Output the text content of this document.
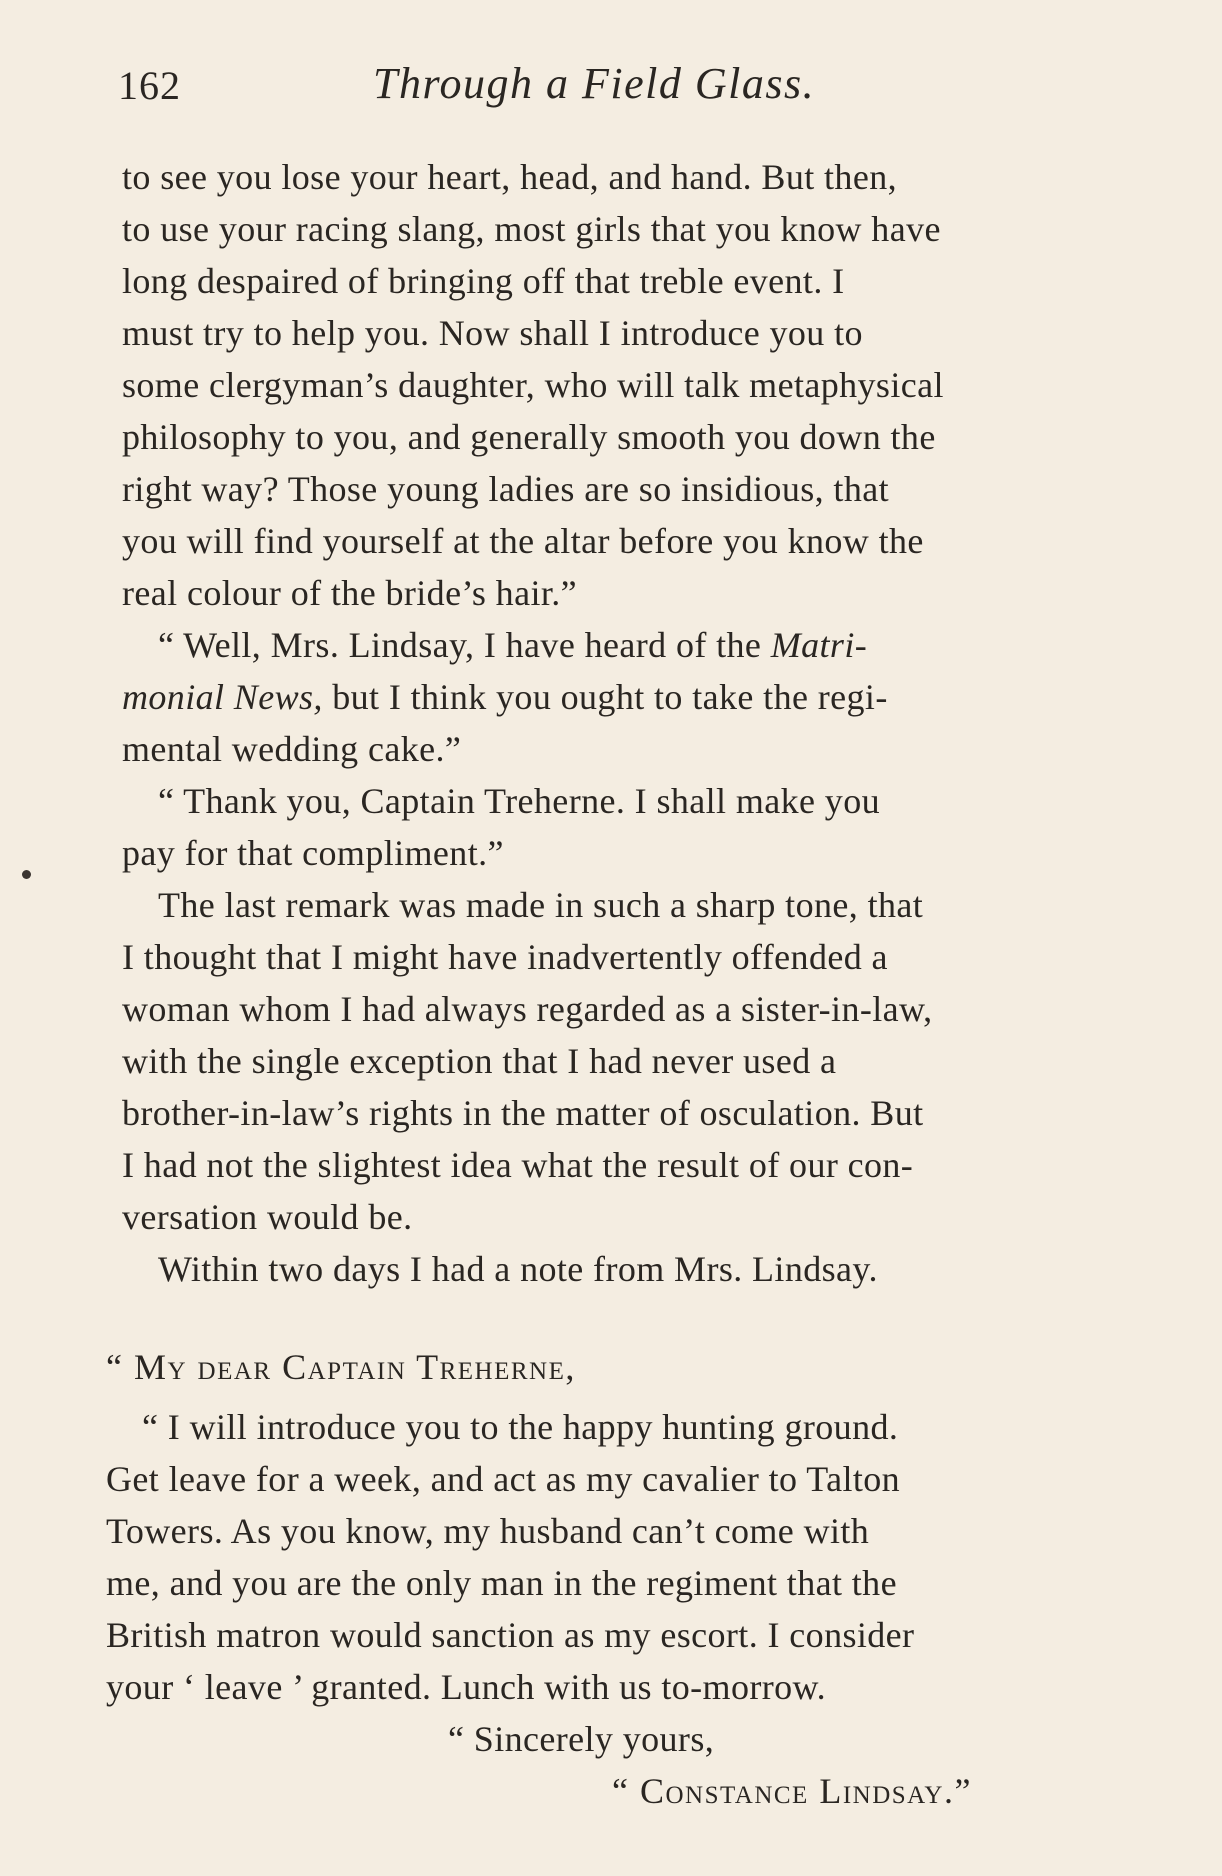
162	Through a Field Glass.
to see you lose your heart, head, and hand. But then,
to use your racing slang, most girls that you know have
long despaired of bringing off that treble event. I
must try to help you. Now shall I introduce you to
some clergyman’s daughter, who will talk metaphysical
philosophy to you, and generally smooth you down the
right way? Those young ladies are so insidious, that
you will find yourself at the altar before you know the
real colour of the bride’s hair.”
“ Well, Mrs. Lindsay, I have heard of the Matri-
monial News, but I think you ought to take the regi-
mental wedding cake.”
“ Thank you, Captain Treherne. I shall make you
pay for that compliment.”
The last remark was made in such a sharp tone, that
I thought that I might have inadvertently offended a
woman whom I had always regarded as a sister-in-law,
with the single exception that I had never used a
brother-in-law’s rights in the matter of osculation. But
I had not the slightest idea what the result of our con-
versation would be.
Within two days I had a note from Mrs. Lindsay.
“ My dear Captain Treherne,
“ I will introduce you to the happy hunting ground.
Get leave for a week, and act as my cavalier to Talton
Towers. As you know, my husband can’t come with
me, and you are the only man in the regiment that the
British matron would sanction as my escort. I consider
your ‘ leave ’ granted. Lunch with us to-morrow.
“ Sincerely yours,
“ Constance Lindsay.”
